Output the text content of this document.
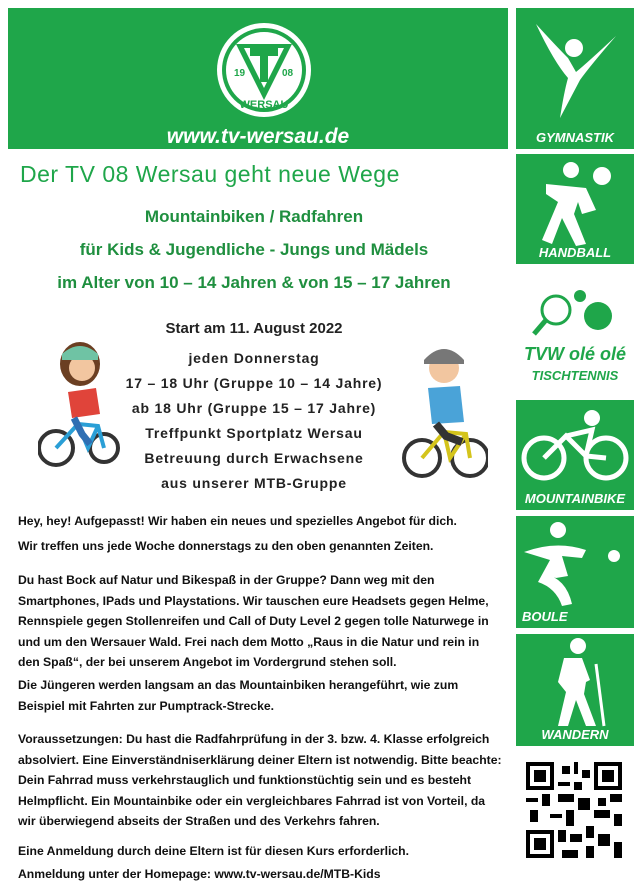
19	08
WERSAU
www.tv-wersau.de	GYMNASTIK
HANDBALL
TVW olé olé
TISCHTENNIS
MOUNTAINBIKE
BOULE
WANDERN
Der TV 08 Wersau geht neue Wege
Mountainbiken / Radfahren
für Kids & Jugendliche - Jungs und Mädels
im Alter von 10 – 14 Jahren & von 15 – 17 Jahren
Start am 11. August 2022
jeden Donnerstag
17 – 18 Uhr (Gruppe 10 – 14 Jahre)
ab 18 Uhr (Gruppe 15 – 17 Jahre)
Treffpunkt Sportplatz Wersau
Betreuung durch Erwachsene
aus unserer MTB-Gruppe
Hey, hey! Aufgepasst! Wir haben ein neues und spezielles Angebot für dich.
Wir treffen uns jede Woche donnerstags zu den oben genannten Zeiten.
Du hast Bock auf Natur und Bikespaß in der Gruppe? Dann weg mit den Smartphones, IPads und Playstations. Wir tauschen eure Headsets gegen Helme, Rennspiele gegen Stollenreifen und Call of Duty Level 2 gegen tolle Naturwege in und um den Wersauer Wald. Frei nach dem Motto „Raus in die Natur und rein in den Spaß“, der bei unserem Angebot im Vordergrund stehen soll.
Die Jüngeren werden langsam an das Mountainbiken herangeführt, wie zum Beispiel mit Fahrten zur Pumptrack-Strecke.
Voraussetzungen: Du hast die Radfahrprüfung in der 3. bzw. 4. Klasse erfolgreich absolviert. Eine Einverständniserklärung deiner Eltern ist notwendig. Bitte beachte: Dein Fahrrad muss verkehrstauglich und funktionstüchtig sein und es besteht Helmpflicht. Ein Mountainbike oder ein vergleichbares Fahrrad ist von Vorteil, da wir überwiegend abseits der Straßen und des Verkehrs fahren.
Eine Anmeldung durch deine Eltern ist für diesen Kurs erforderlich.
Anmeldung unter der Homepage: www.tv-wersau.de/MTB-Kids
